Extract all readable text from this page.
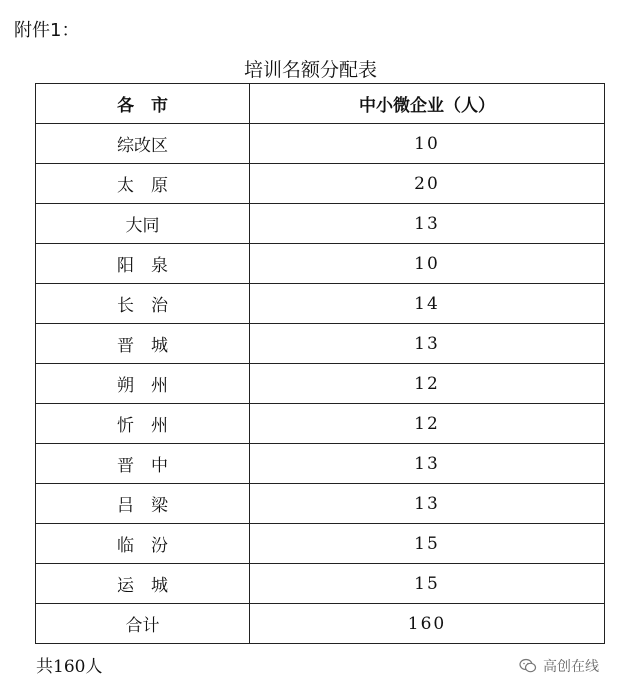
附件1：
培训名额分配表
各　市	中小微企业（人）
综改区	10
太　原	20
大同	13
阳　泉	10
长　治	14
晋　城	13
朔　州	12
忻　州	12
晋　中	13
吕　梁	13
临　汾	15
运　城	15
合计	160
共160人	高创在线
